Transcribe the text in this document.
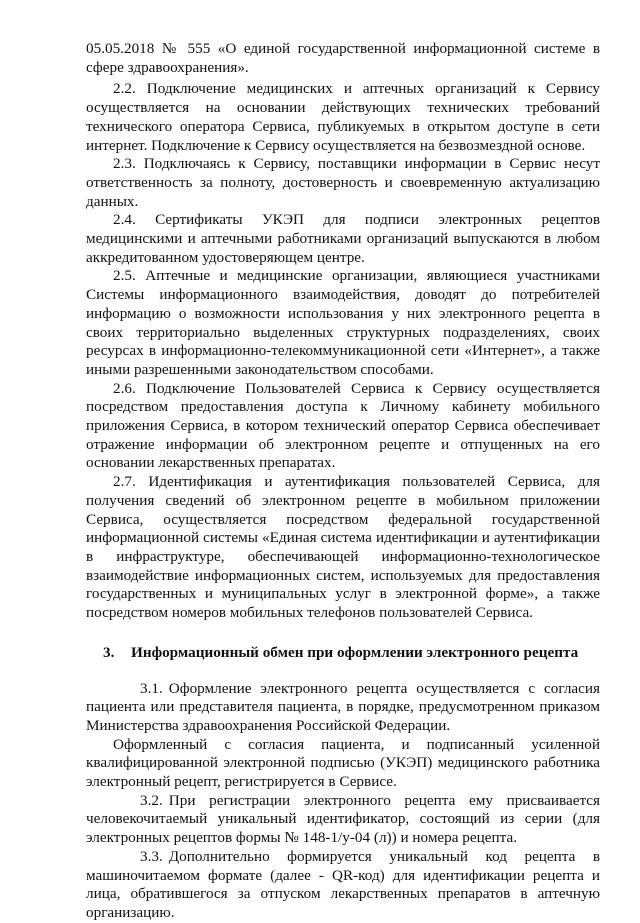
05.05.2018 № 555 «О единой государственной информационной системе в сфере здравоохранения».

2.2. Подключение медицинских и аптечных организаций к Сервису осуществляется на основании действующих технических требований технического оператора Сервиса, публикуемых в открытом доступе в сети интернет. Подключение к Сервису осуществляется на безвозмездной основе.

2.3. Подключаясь к Сервису, поставщики информации в Сервис несут ответственность за полноту, достоверность и своевременную актуализацию данных.

2.4. Сертификаты УКЭП для подписи электронных рецептов медицинскими и аптечными работниками организаций выпускаются в любом аккредитованном удостоверяющем центре.

2.5. Аптечные и медицинские организации, являющиеся участниками Системы информационного взаимодействия, доводят до потребителей информацию о возможности использования у них электронного рецепта в своих территориально выделенных структурных подразделениях, своих ресурсах в информационно-телекоммуникационной сети «Интернет», а также иными разрешенными законодательством способами.

2.6. Подключение Пользователей Сервиса к Сервису осуществляется посредством предоставления доступа к Личному кабинету мобильного приложения Сервиса, в котором технический оператор Сервиса обеспечивает отражение информации об электронном рецепте и отпущенных на его основании лекарственных препаратах.

2.7. Идентификация и аутентификация пользователей Сервиса, для получения сведений об электронном рецепте в мобильном приложении Сервиса, осуществляется посредством федеральной государственной информационной системы «Единая система идентификации и аутентификации в инфраструктуре, обеспечивающей информационно-технологическое взаимодействие информационных систем, используемых для предоставления государственных и муниципальных услуг в электронной форме», а также посредством номеров мобильных телефонов пользователей Сервиса.

3.	Информационный обмен при оформлении электронного рецепта

3.1. Оформление электронного рецепта осуществляется с согласия пациента или представителя пациента, в порядке, предусмотренном приказом Министерства здравоохранения Российской Федерации.

Оформленный с согласия пациента, и подписанный усиленной квалифицированной электронной подписью (УКЭП) медицинского работника электронный рецепт, регистрируется в Сервисе.

3.2. При регистрации электронного рецепта ему присваивается человекочитаемый уникальный идентификатор, состоящий из серии (для электронных рецептов формы № 148-1/у-04 (л)) и номера рецепта.

3.3. Дополнительно формируется уникальный код рецепта в машиночитаемом формате (далее - QR-код) для идентификации рецепта и лица, обратившегося за отпуском лекарственных препаратов в аптечную организацию.
